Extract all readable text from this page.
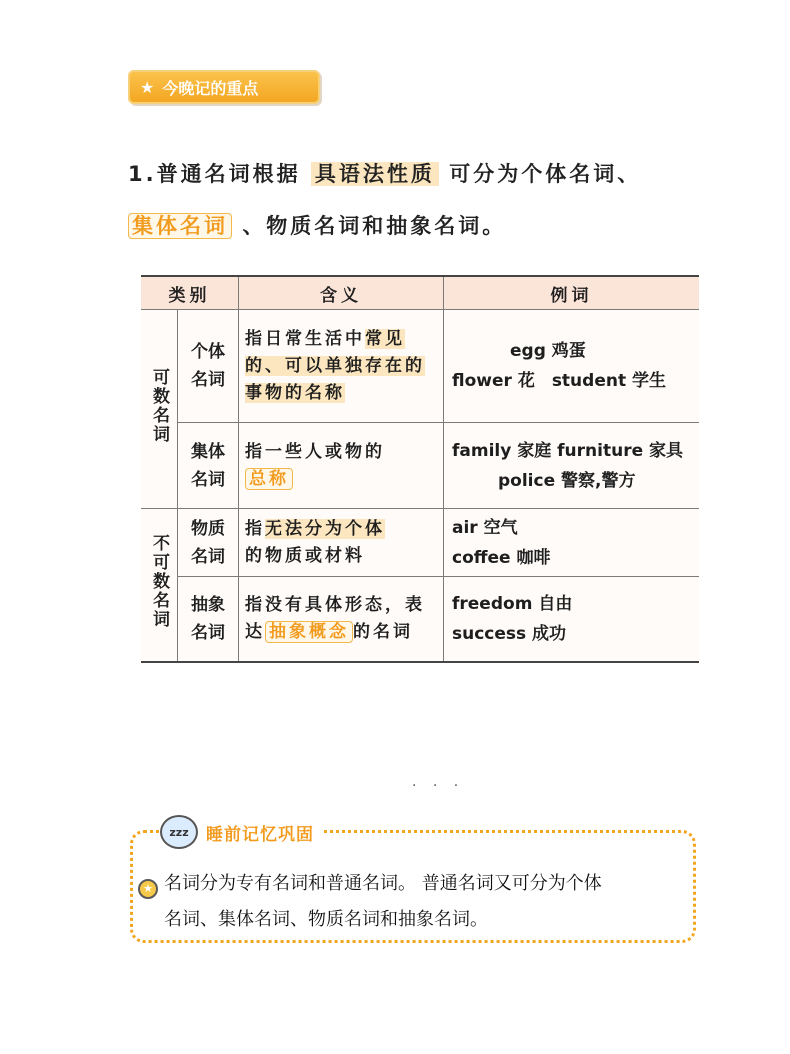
★ 今晚记的重点
1.普通名词根据 具语法性质 可分为个体名词、
集体名词 、物质名词和抽象名词。
类别		含义	例词
可数名词	个体名词	指日常生活中常见的、可以单独存在的事物的名称	egg 鸡蛋
flower 花　student 学生

	集体名词	指一些人或物的
总称	family 家庭 furniture 家具
police 警察,警方

不可数名词	物质名词	指无法分为个体
的物质或材料	air 空气
coffee 咖啡

	抽象名词	指没有具体形态，表达 抽象概念 的名词	freedom 自由
success 成功
· · ·
zzz	睡前记忆巩固
★ 名词分为专有名词和普通名词。 普通名词又可分为个体
名词、集体名词、物质名词和抽象名词。
